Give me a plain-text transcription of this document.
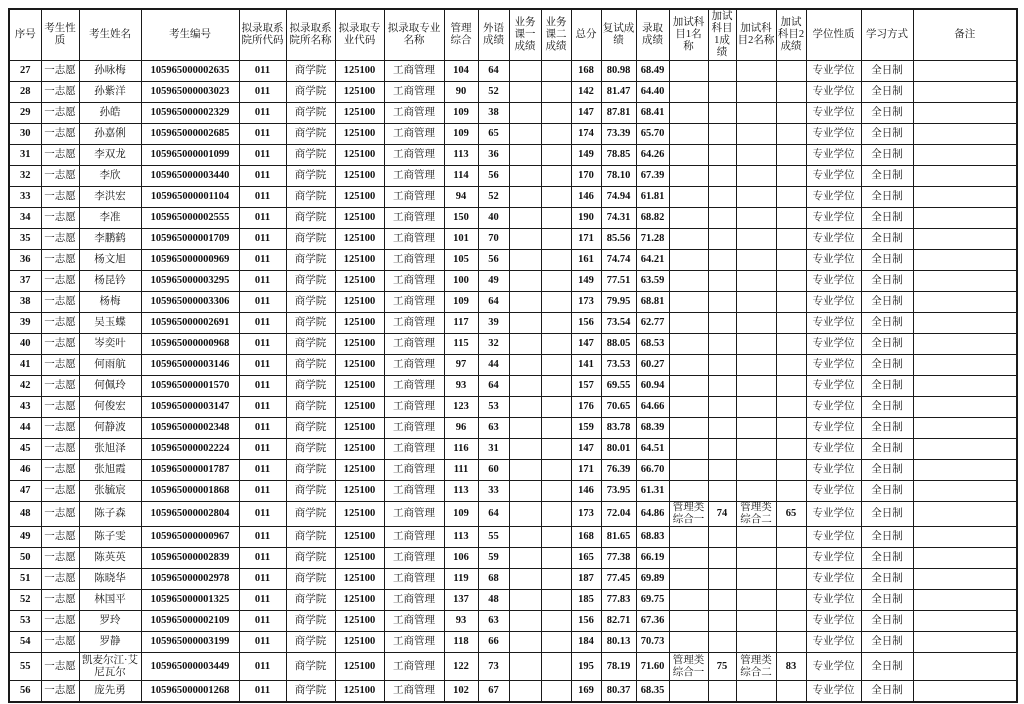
序号	考生性质	考生姓名	考生编号	拟录取系院所代码	拟录取系院所名称	拟录取专业代码	拟录取专业名称	管理综合	外语成绩	业务课一成绩	业务课二成绩	总分	复试成绩	录取成绩	加试科目1名称	加试科目1成绩	加试科目2名称	加试科目2成绩	学位性质	学习方式	备注
27	一志愿	孙咏梅	105965000002635	011	商学院	125100	工商管理	104	64			168	80.98	68.49					专业学位	全日制	
28	一志愿	孙紫洋	105965000003023	011	商学院	125100	工商管理	90	52			142	81.47	64.40					专业学位	全日制	
29	一志愿	孙皓	105965000002329	011	商学院	125100	工商管理	109	38			147	87.81	68.41					专业学位	全日制	
30	一志愿	孙嘉俐	105965000002685	011	商学院	125100	工商管理	109	65			174	73.39	65.70					专业学位	全日制	
31	一志愿	李双龙	105965000001099	011	商学院	125100	工商管理	113	36			149	78.85	64.26					专业学位	全日制	
32	一志愿	李欣	105965000003440	011	商学院	125100	工商管理	114	56			170	78.10	67.39					专业学位	全日制	
33	一志愿	李洪宏	105965000001104	011	商学院	125100	工商管理	94	52			146	74.94	61.81					专业学位	全日制	
34	一志愿	李准	105965000002555	011	商学院	125100	工商管理	150	40			190	74.31	68.82					专业学位	全日制	
35	一志愿	李鹏鹤	105965000001709	011	商学院	125100	工商管理	101	70			171	85.56	71.28					专业学位	全日制	
36	一志愿	杨文旭	105965000000969	011	商学院	125100	工商管理	105	56			161	74.74	64.21					专业学位	全日制	
37	一志愿	杨昆钤	105965000003295	011	商学院	125100	工商管理	100	49			149	77.51	63.59					专业学位	全日制	
38	一志愿	杨梅	105965000003306	011	商学院	125100	工商管理	109	64			173	79.95	68.81					专业学位	全日制	
39	一志愿	吴玉蝶	105965000002691	011	商学院	125100	工商管理	117	39			156	73.54	62.77					专业学位	全日制	
40	一志愿	岑奕叶	105965000000968	011	商学院	125100	工商管理	115	32			147	88.05	68.53					专业学位	全日制	
41	一志愿	何雨航	105965000003146	011	商学院	125100	工商管理	97	44			141	73.53	60.27					专业学位	全日制	
42	一志愿	何佩玲	105965000001570	011	商学院	125100	工商管理	93	64			157	69.55	60.94					专业学位	全日制	
43	一志愿	何俊宏	105965000003147	011	商学院	125100	工商管理	123	53			176	70.65	64.66					专业学位	全日制	
44	一志愿	何静波	105965000002348	011	商学院	125100	工商管理	96	63			159	83.78	68.39					专业学位	全日制	
45	一志愿	张旭泽	105965000002224	011	商学院	125100	工商管理	116	31			147	80.01	64.51					专业学位	全日制	
46	一志愿	张旭霞	105965000001787	011	商学院	125100	工商管理	111	60			171	76.39	66.70					专业学位	全日制	
47	一志愿	张毓宸	105965000001868	011	商学院	125100	工商管理	113	33			146	73.95	61.31					专业学位	全日制	
48	一志愿	陈子森	105965000002804	011	商学院	125100	工商管理	109	64			173	72.04	64.86	管理类综合一	74	管理类综合二	65	专业学位	全日制	
49	一志愿	陈子雯	105965000000967	011	商学院	125100	工商管理	113	55			168	81.65	68.83					专业学位	全日制	
50	一志愿	陈英英	105965000002839	011	商学院	125100	工商管理	106	59			165	77.38	66.19					专业学位	全日制	
51	一志愿	陈晓华	105965000002978	011	商学院	125100	工商管理	119	68			187	77.45	69.89					专业学位	全日制	
52	一志愿	林国平	105965000001325	011	商学院	125100	工商管理	137	48			185	77.83	69.75					专业学位	全日制	
53	一志愿	罗玲	105965000002109	011	商学院	125100	工商管理	93	63			156	82.71	67.36					专业学位	全日制	
54	一志愿	罗静	105965000003199	011	商学院	125100	工商管理	118	66			184	80.13	70.73					专业学位	全日制	
55	一志愿	凯麦尔江·艾尼瓦尔	105965000003449	011	商学院	125100	工商管理	122	73			195	78.19	71.60	管理类综合一	75	管理类综合二	83	专业学位	全日制	
56	一志愿	庞先勇	105965000001268	011	商学院	125100	工商管理	102	67			169	80.37	68.35					专业学位	全日制	
